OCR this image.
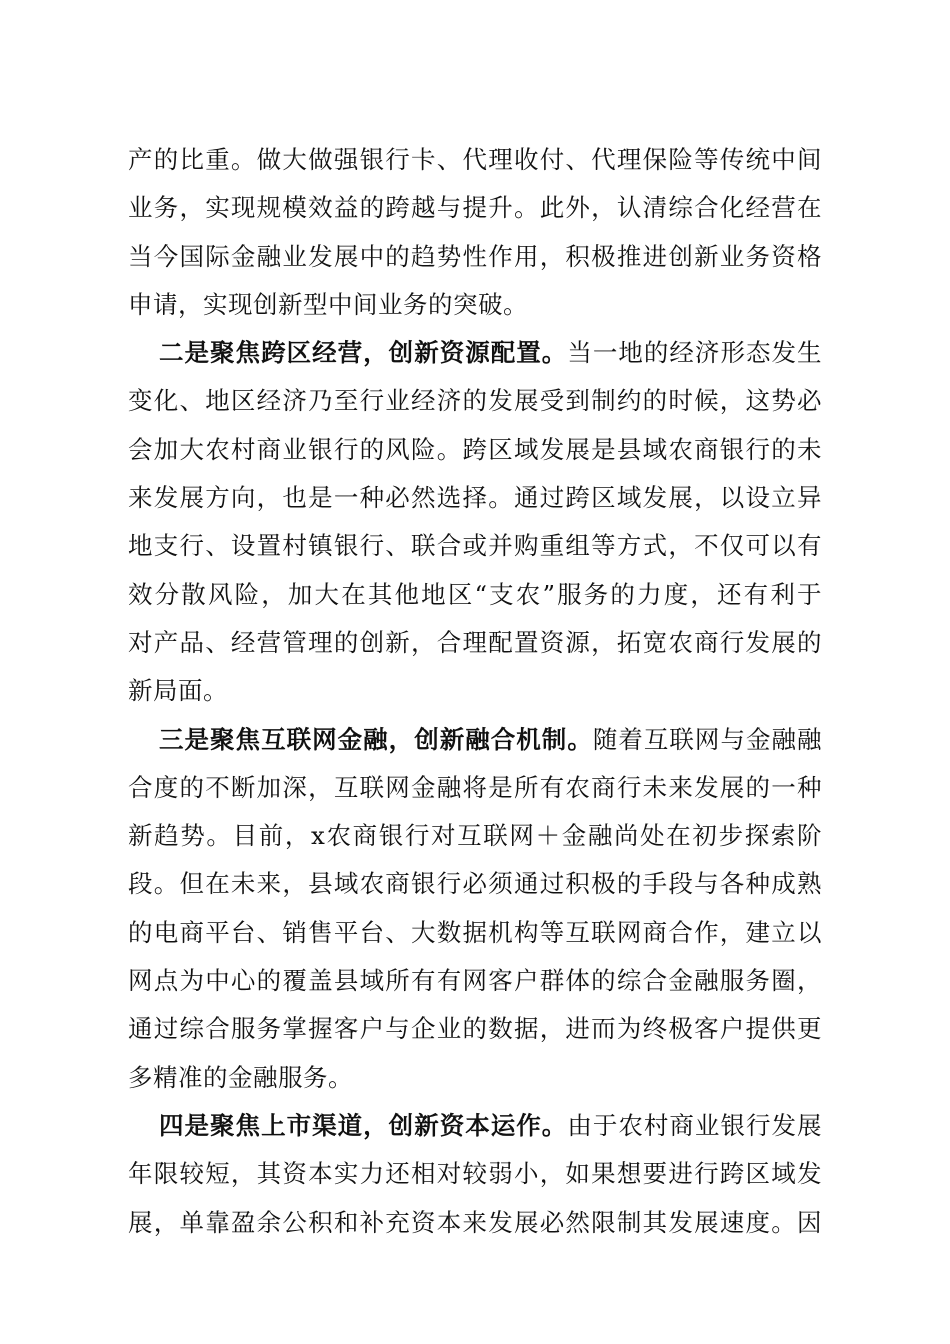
产的比重。做大做强银行卡、代理收付、代理保险等传统中间
业务，实现规模效益的跨越与提升。此外，认清综合化经营在
当今国际金融业发展中的趋势性作用，积极推进创新业务资格
申请，实现创新型中间业务的突破。
二是聚焦跨区经营，创新资源配置。当一地的经济形态发生
变化、地区经济乃至行业经济的发展受到制约的时候，这势必
会加大农村商业银行的风险。跨区域发展是县域农商银行的未
来发展方向，也是一种必然选择。通过跨区域发展，以设立异
地支行、设置村镇银行、联合或并购重组等方式，不仅可以有
效分散风险，加大在其他地区“支农”服务的力度，还有利于
对产品、经营管理的创新，合理配置资源，拓宽农商行发展的
新局面。
三是聚焦互联网金融，创新融合机制。随着互联网与金融融
合度的不断加深，互联网金融将是所有农商行未来发展的一种
新趋势。目前，x农商银行对互联网＋金融尚处在初步探索阶
段。但在未来，县域农商银行必须通过积极的手段与各种成熟
的电商平台、销售平台、大数据机构等互联网商合作，建立以
网点为中心的覆盖县域所有有网客户群体的综合金融服务圈，
通过综合服务掌握客户与企业的数据，进而为终极客户提供更
多精准的金融服务。
四是聚焦上市渠道，创新资本运作。由于农村商业银行发展
年限较短，其资本实力还相对较弱小，如果想要进行跨区域发
展，单靠盈余公积和补充资本来发展必然限制其发展速度。因
